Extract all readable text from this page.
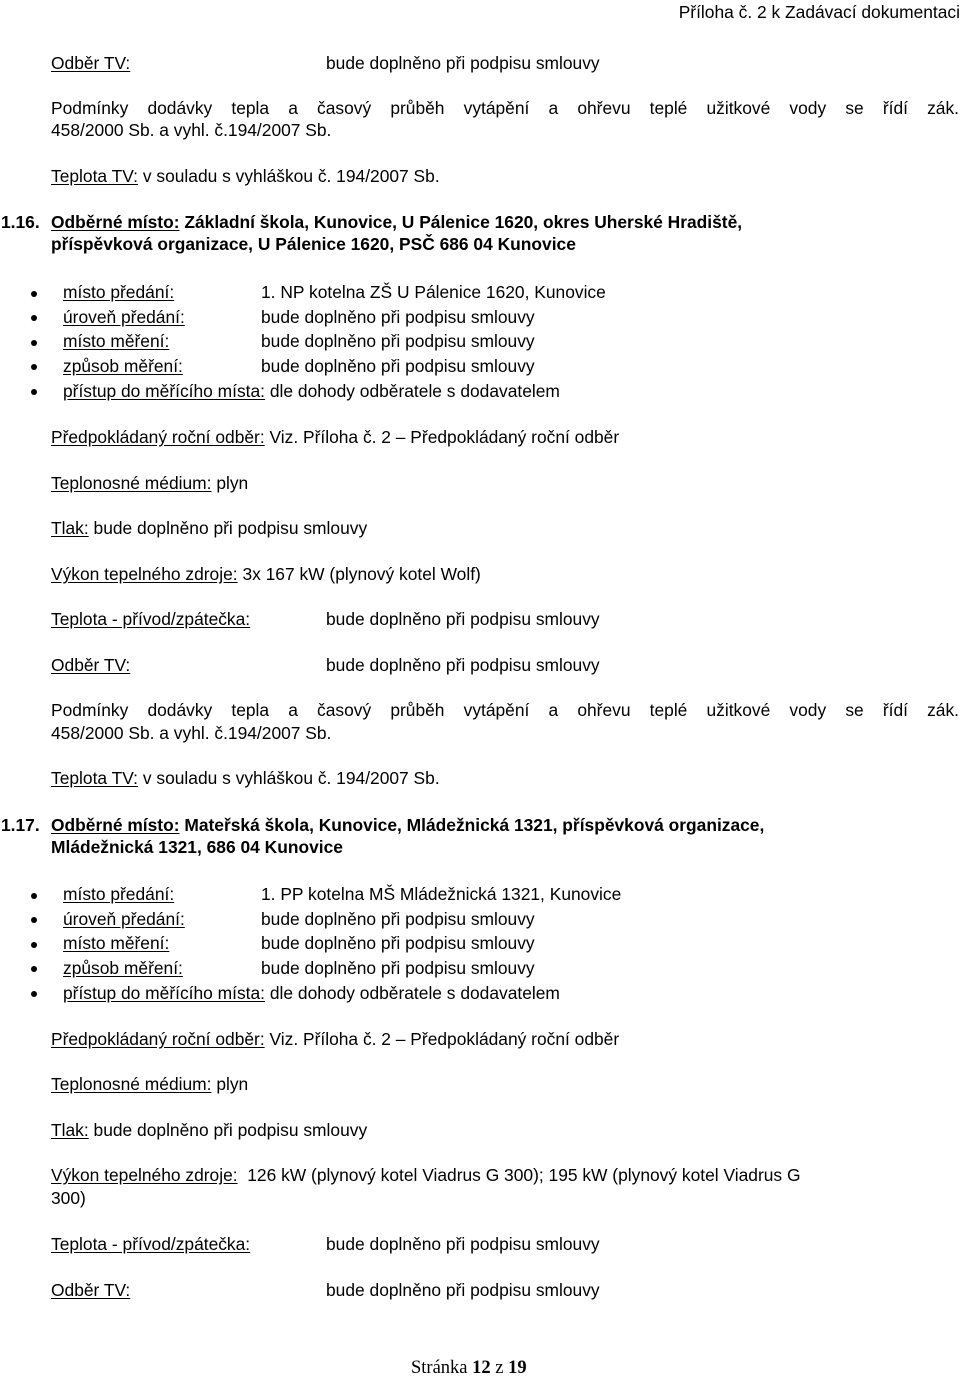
Příloha č. 2 k Zadávací dokumentaci
Odběr TV:	bude doplněno při podpisu smlouvy
Podmínky dodávky tepla a časový průběh vytápění a ohřevu teplé užitkové vody se řídí zák.
458/2000 Sb. a vyhl. č.194/2007 Sb.
Teplota TV: v souladu s vyhláškou č. 194/2007 Sb.
1.16. Odběrné místo: Základní škola, Kunovice, U Pálenice 1620, okres Uherské Hradiště,
příspěvková organizace, U Pálenice 1620, PSČ 686 04 Kunovice
místo předání:	1. NP kotelna ZŠ U Pálenice 1620, Kunovice
úroveň předání:	bude doplněno při podpisu smlouvy
místo měření:	bude doplněno při podpisu smlouvy
způsob měření:	bude doplněno při podpisu smlouvy
přístup do měřícího místa: dle dohody odběratele s dodavatelem
Předpokládaný roční odběr: Viz. Příloha č. 2 – Předpokládaný roční odběr
Teplonosné médium: plyn
Tlak: bude doplněno při podpisu smlouvy
Výkon tepelného zdroje: 3x 167 kW (plynový kotel Wolf)
Teplota - přívod/zpátečka:	bude doplněno při podpisu smlouvy
Odběr TV:	bude doplněno při podpisu smlouvy
Podmínky dodávky tepla a časový průběh vytápění a ohřevu teplé užitkové vody se řídí zák.
458/2000 Sb. a vyhl. č.194/2007 Sb.
Teplota TV: v souladu s vyhláškou č. 194/2007 Sb.
1.17. Odběrné místo: Mateřská škola, Kunovice, Mládežnická 1321, příspěvková organizace,
Mládežnická 1321, 686 04 Kunovice
místo předání:	1. PP kotelna MŠ Mládežnická 1321, Kunovice
úroveň předání:	bude doplněno při podpisu smlouvy
místo měření:	bude doplněno při podpisu smlouvy
způsob měření:	bude doplněno při podpisu smlouvy
přístup do měřícího místa: dle dohody odběratele s dodavatelem
Předpokládaný roční odběr: Viz. Příloha č. 2 – Předpokládaný roční odběr
Teplonosné médium: plyn
Tlak: bude doplněno při podpisu smlouvy
Výkon tepelného zdroje: 126 kW (plynový kotel Viadrus G 300); 195 kW (plynový kotel Viadrus G
300)
Teplota - přívod/zpátečka:	bude doplněno při podpisu smlouvy
Odběr TV:	bude doplněno při podpisu smlouvy
Stránka 12 z 19
